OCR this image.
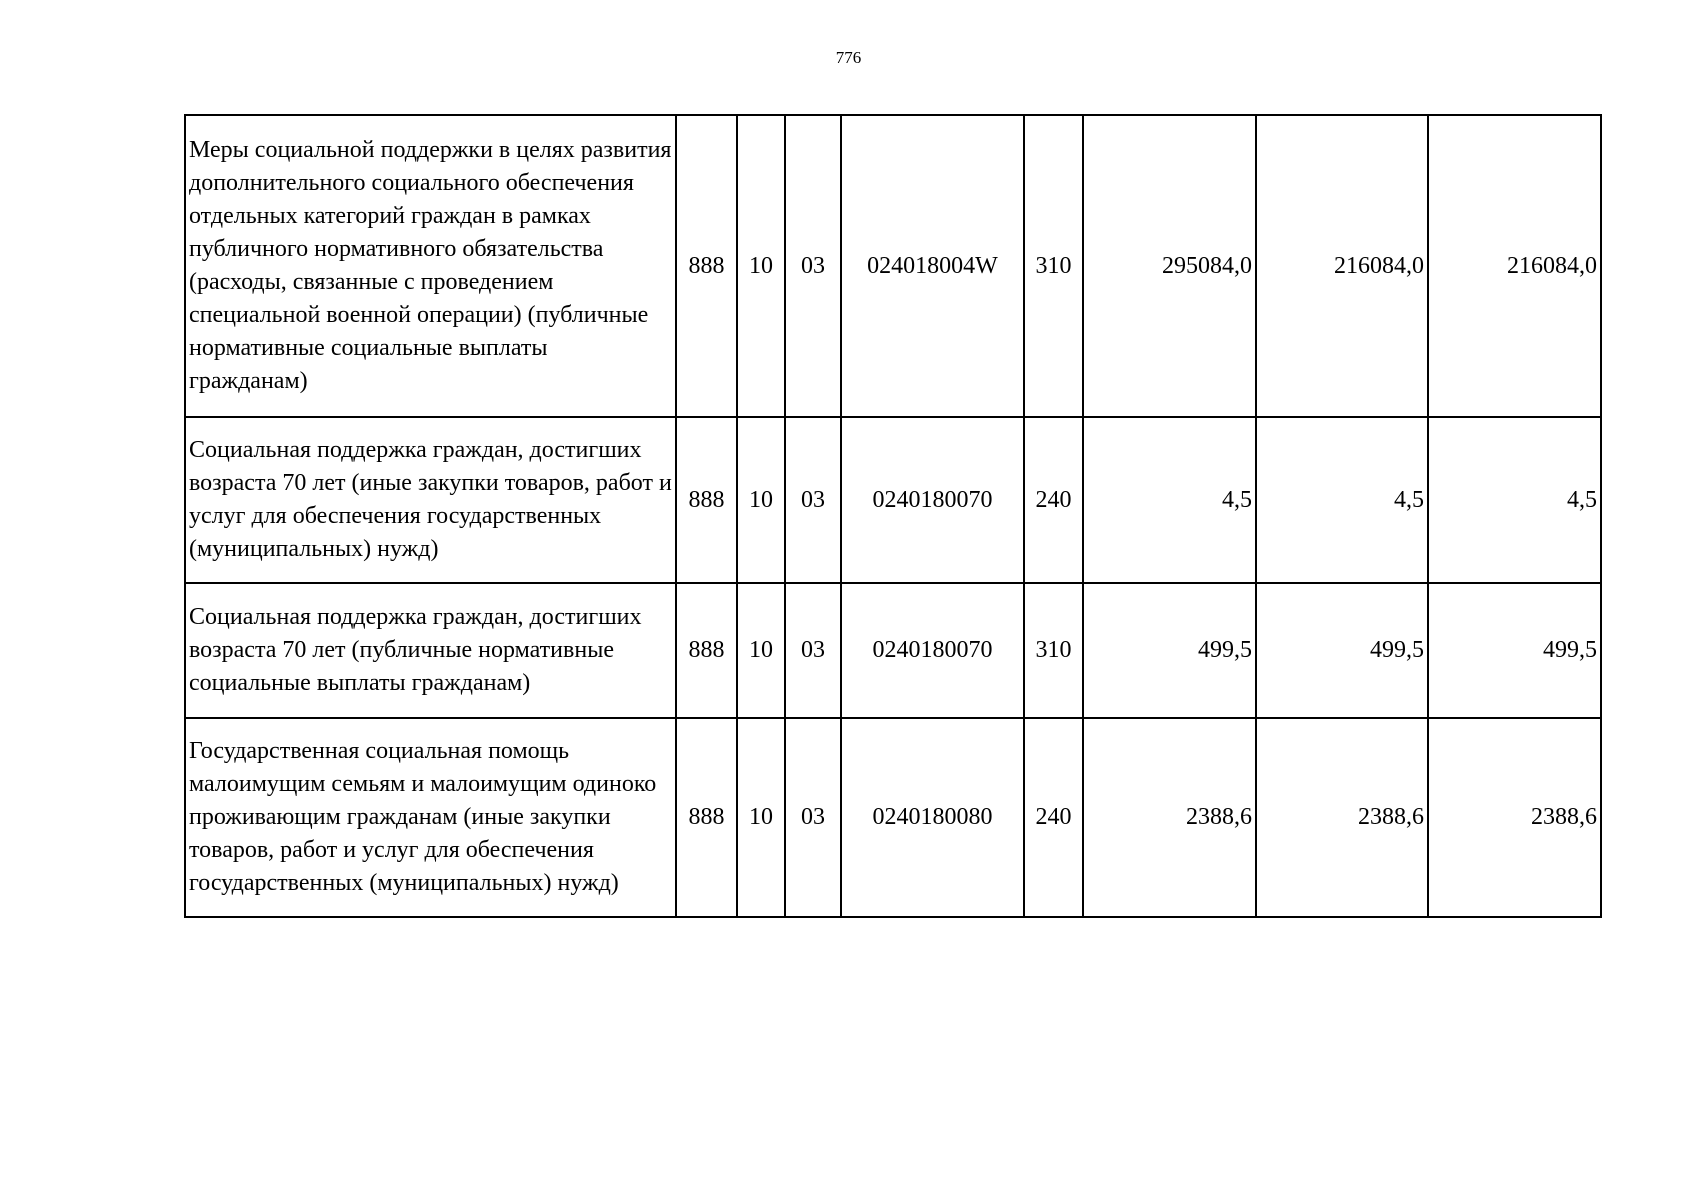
776
Меры социальной поддержки в целях развития дополнительного социального обеспечения отдельных категорий граждан в рамках публичного нормативного обязательства (расходы, связанные с проведением специальной военной операции) (публичные нормативные социальные выплаты гражданам)	888	10	03	024018004W	310	295084,0	216084,0	216084,0
Социальная поддержка граждан, достигших возраста 70 лет (иные закупки товаров, работ и услуг для обеспечения государственных (муниципальных) нужд)	888	10	03	0240180070	240	4,5	4,5	4,5
Социальная поддержка граждан, достигших возраста 70 лет (публичные нормативные социальные выплаты гражданам)	888	10	03	0240180070	310	499,5	499,5	499,5
Государственная социальная помощь малоимущим семьям и малоимущим одиноко проживающим гражданам (иные закупки товаров, работ и услуг для обеспечения государственных (муниципальных) нужд)	888	10	03	0240180080	240	2388,6	2388,6	2388,6
